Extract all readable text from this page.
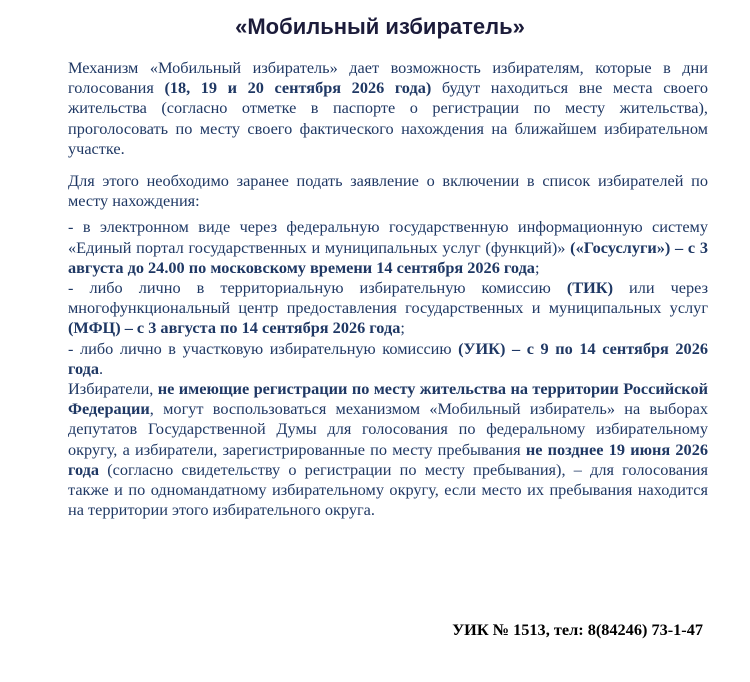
«Мобильный избиратель»

Механизм «Мобильный избиратель» дает возможность избирателям, которые в дни голосования (18, 19 и 20 сентября 2026 года) будут находиться вне места своего жительства (согласно отметке в паспорте о регистрации по месту жительства), проголосовать по месту своего фактического нахождения на ближайшем избирательном участке.

Для этого необходимо заранее подать заявление о включении в список избирателей по месту нахождения:

- в электронном виде через федеральную государственную информационную систему «Единый портал государственных и муниципальных услуг (функций)» («Госуслуги») – с 3 августа до 24.00 по московскому времени 14 сентября 2026 года;

- либо лично в территориальную избирательную комиссию (ТИК) или через многофункциональный центр предоставления государственных и муниципальных услуг (МФЦ) – с 3 августа по 14 сентября 2026 года;

- либо лично в участковую избирательную комиссию (УИК) – с 9 по 14 сентября 2026 года.

Избиратели, не имеющие регистрации по месту жительства на территории Российской Федерации, могут воспользоваться механизмом «Мобильный избиратель» на выборах депутатов Государственной Думы для голосования по федеральному избирательному округу, а избиратели, зарегистрированные по месту пребывания не позднее 19 июня 2026 года (согласно свидетельству о регистрации по месту пребывания), – для голосования также и по одномандатному избирательному округу, если место их пребывания находится на территории этого избирательного округа.

УИК № 1513, тел: 8(84246) 73-1-47
